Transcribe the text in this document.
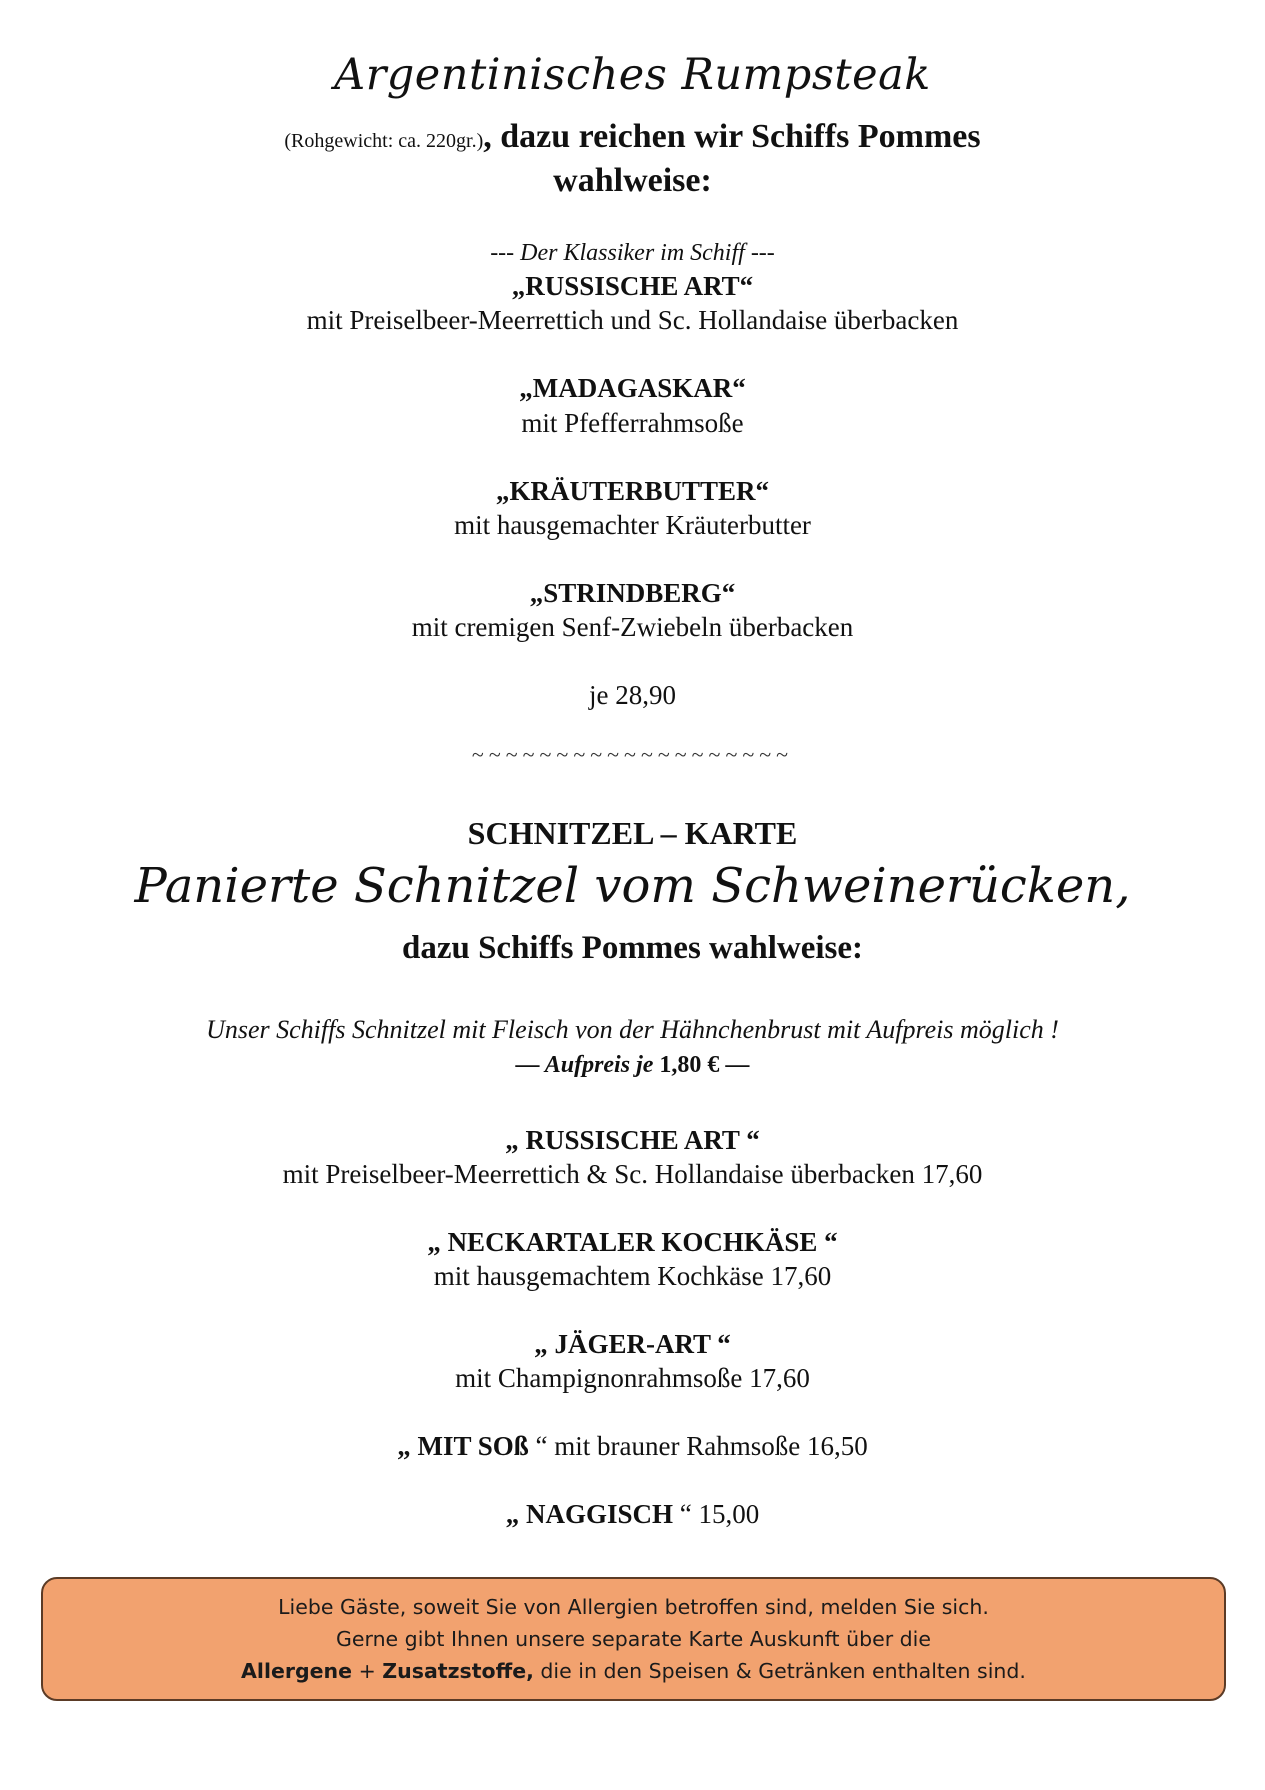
Argentinisches Rumpsteak
(Rohgewicht: ca. 220gr.), dazu reichen wir Schiffs Pommes
wahlweise:
--- Der Klassiker im Schiff ---
„RUSSISCHE ART“
mit Preiselbeer-Meerrettich und Sc. Hollandaise überbacken
„MADAGASKAR“
mit Pfefferrahmsoße
„KRÄUTERBUTTER“
mit hausgemachter Kräuterbutter
„STRINDBERG“
mit cremigen Senf-Zwiebeln überbacken
je 28,90
~~~~~~~~~~~~~~~~~~~
SCHNITZEL – KARTE
Panierte Schnitzel vom Schweinerücken,
dazu Schiffs Pommes wahlweise:
Unser Schiffs Schnitzel mit Fleisch von der Hähnchenbrust mit Aufpreis möglich !
— Aufpreis je 1,80 € —
„ RUSSISCHE ART “
mit Preiselbeer-Meerrettich & Sc. Hollandaise überbacken 17,60
„ NECKARTALER KOCHKÄSE “
mit hausgemachtem Kochkäse 17,60
„ JÄGER-ART “
mit Champignonrahmsoße 17,60
„ MIT SOß “ mit brauner Rahmsoße 16,50
„ NAGGISCH “ 15,00
Liebe Gäste, soweit Sie von Allergien betroffen sind, melden Sie sich.
Gerne gibt Ihnen unsere separate Karte Auskunft über die
Allergene + Zusatzstoffe, die in den Speisen & Getränken enthalten sind.
